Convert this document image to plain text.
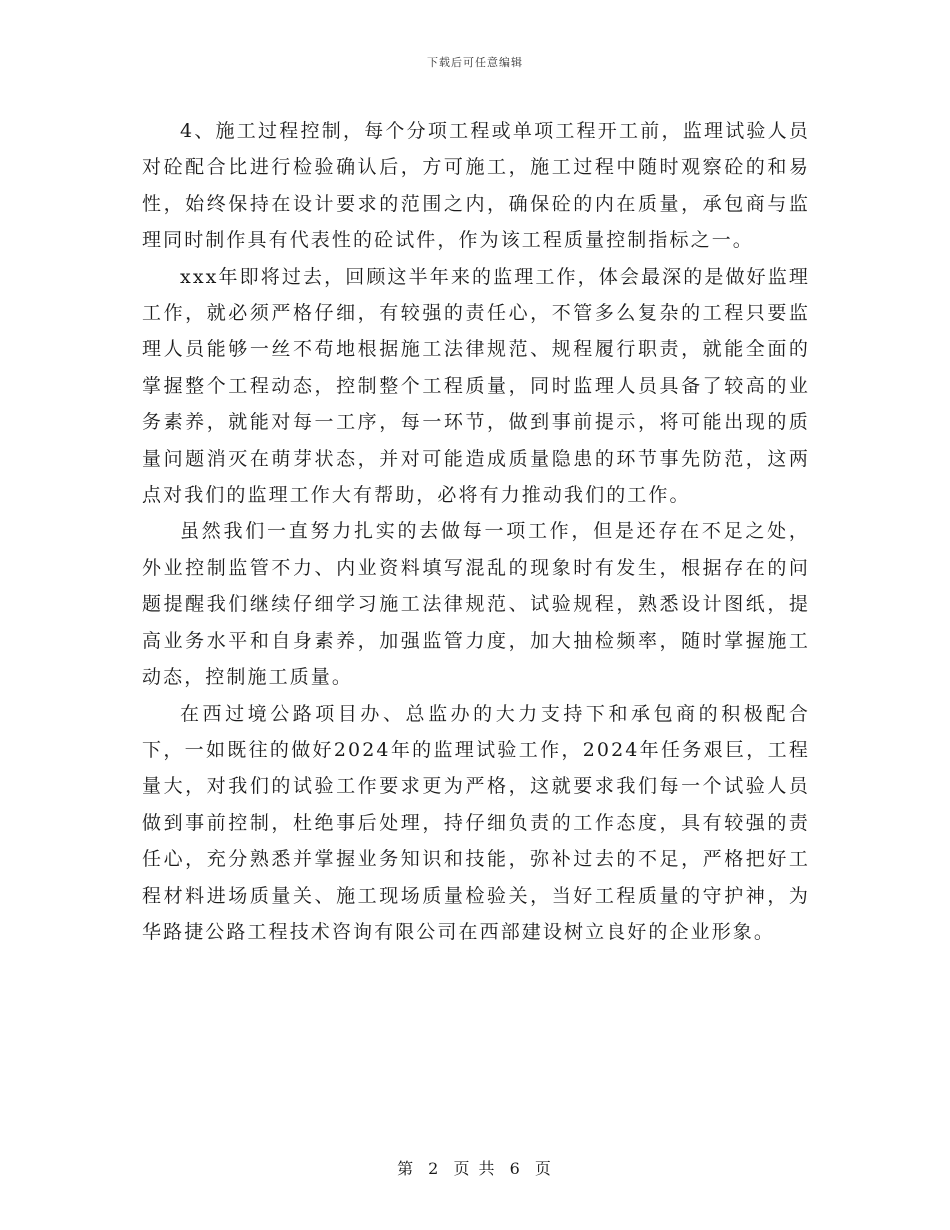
下载后可任意编辑

4、施工过程控制，每个分项工程或单项工程开工前，监理试验人员对砼配合比进行检验确认后，方可施工，施工过程中随时观察砼的和易性，始终保持在设计要求的范围之内，确保砼的内在质量，承包商与监理同时制作具有代表性的砼试件，作为该工程质量控制指标之一。

xxx年即将过去，回顾这半年来的监理工作，体会最深的是做好监理工作，就必须严格仔细，有较强的责任心，不管多么复杂的工程只要监理人员能够一丝不苟地根据施工法律规范、规程履行职责，就能全面的掌握整个工程动态，控制整个工程质量，同时监理人员具备了较高的业务素养，就能对每一工序，每一环节，做到事前提示，将可能出现的质量问题消灭在萌芽状态，并对可能造成质量隐患的环节事先防范，这两点对我们的监理工作大有帮助，必将有力推动我们的工作。

虽然我们一直努力扎实的去做每一项工作，但是还存在不足之处，外业控制监管不力、内业资料填写混乱的现象时有发生，根据存在的问题提醒我们继续仔细学习施工法律规范、试验规程，熟悉设计图纸，提高业务水平和自身素养，加强监管力度，加大抽检频率，随时掌握施工动态，控制施工质量。

在西过境公路项目办、总监办的大力支持下和承包商的积极配合下，一如既往的做好2024年的监理试验工作，2024年任务艰巨，工程量大，对我们的试验工作要求更为严格，这就要求我们每一个试验人员做到事前控制，杜绝事后处理，持仔细负责的工作态度，具有较强的责任心，充分熟悉并掌握业务知识和技能，弥补过去的不足，严格把好工程材料进场质量关、施工现场质量检验关，当好工程质量的守护神，为华路捷公路工程技术咨询有限公司在西部建设树立良好的企业形象。

第 2 页 共 6 页
